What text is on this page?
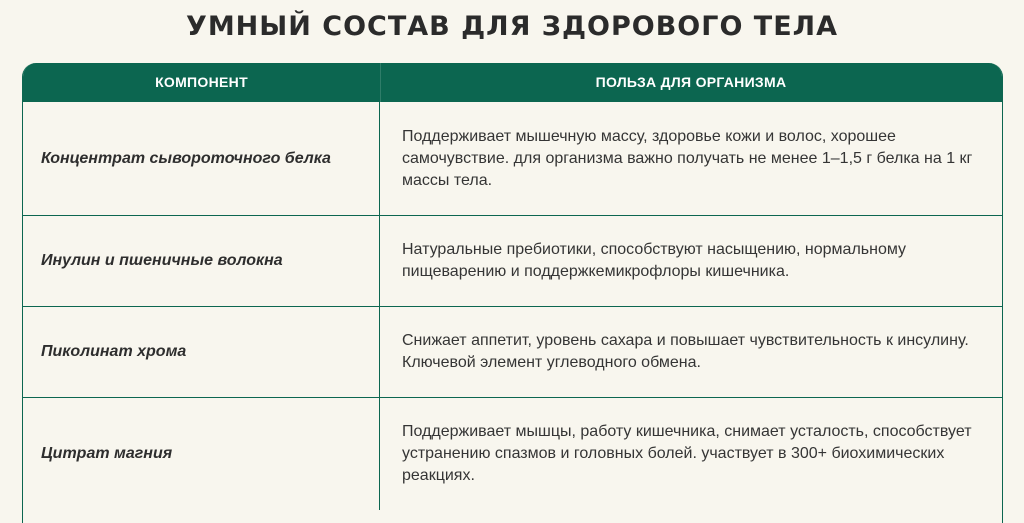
УМНЫЙ СОСТАВ ДЛЯ ЗДОРОВОГО ТЕЛА
КОМПОНЕНТ	ПОЛЬЗА ДЛЯ ОРГАНИЗМА
Концентрат сывороточного белка
Поддерживает мышечную массу, здоровье кожи и волос, хорошее самочувствие. для организма важно получать не менее 1–1,5 г белка на 1 кг массы тела.
Инулин и пшеничные волокна
Натуральные пребиотики, способствуют насыщению, нормальному пищеварению и поддержкемикрофлоры кишечника.
Пиколинат хрома
Снижает аппетит, уровень сахара и повышает чувствительность к инсулину. Ключевой элемент углеводного обмена.
Цитрат магния
Поддерживает мышцы, работу кишечника, снимает усталость, способствует устранению спазмов и головных болей. участвует в 300+ биохимических реакциях.
